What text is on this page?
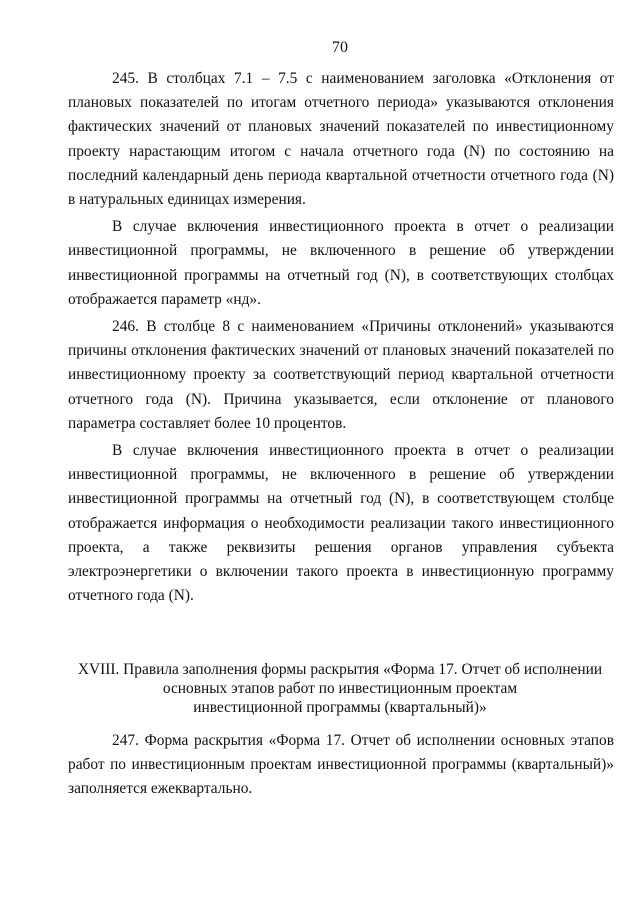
70

245. В столбцах 7.1 – 7.5 с наименованием заголовка «Отклонения от плановых показателей по итогам отчетного периода» указываются отклонения фактических значений от плановых значений показателей по инвестиционному проекту нарастающим итогом с начала отчетного года (N) по состоянию на последний календарный день периода квартальной отчетности отчетного года (N) в натуральных единицах измерения.

В случае включения инвестиционного проекта в отчет о реализации инвестиционной программы, не включенного в решение об утверждении инвестиционной программы на отчетный год (N), в соответствующих столбцах отображается параметр «нд».

246. В столбце 8 с наименованием «Причины отклонений» указываются причины отклонения фактических значений от плановых значений показателей по инвестиционному проекту за соответствующий период квартальной отчетности отчетного года (N). Причина указывается, если отклонение от планового параметра составляет более 10 процентов.

В случае включения инвестиционного проекта в отчет о реализации инвестиционной программы, не включенного в решение об утверждении инвестиционной программы на отчетный год (N), в соответствующем столбце отображается информация о необходимости реализации такого инвестиционного проекта, а также реквизиты решения органов управления субъекта электроэнергетики о включении такого проекта в инвестиционную программу отчетного года (N).

XVIII. Правила заполнения формы раскрытия «Форма 17. Отчет об исполнении
основных этапов работ по инвестиционным проектам
инвестиционной программы (квартальный)»

247. Форма раскрытия «Форма 17. Отчет об исполнении основных этапов работ по инвестиционным проектам инвестиционной программы (квартальный)» заполняется ежеквартально.
